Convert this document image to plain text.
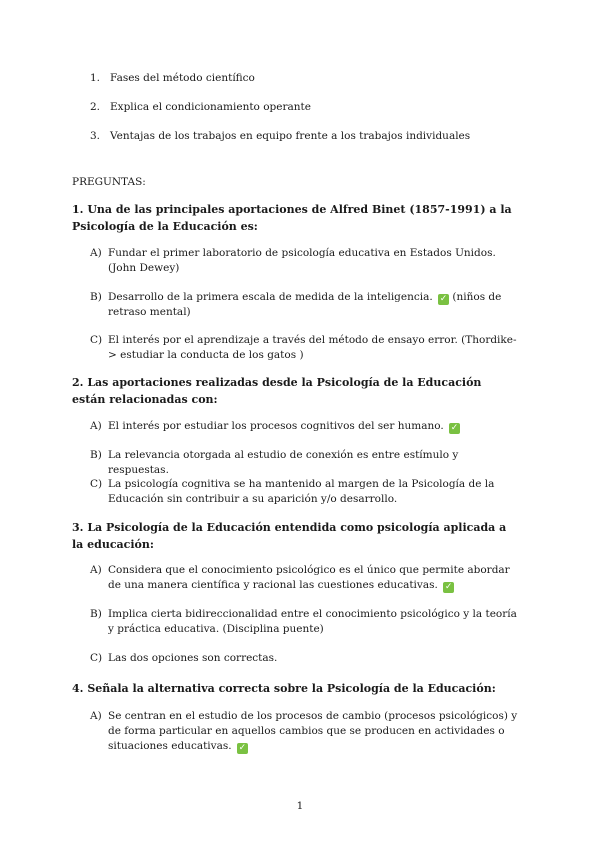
1. Fases del método científico
2. Explica el condicionamiento operante
3. Ventajas de los trabajos en equipo frente a los trabajos individuales
PREGUNTAS:
1. Una de las principales aportaciones de Alfred Binet (1857-1991) a la Psicología de la Educación es:
A) Fundar el primer laboratorio de psicología educativa en Estados Unidos.(John Dewey)
B) Desarrollo de la primera escala de medida de la inteligencia. ✓ (niños de retraso mental)
C) El interés por el aprendizaje a través del método de ensayo error. (Thordike-> estudiar la conducta de los gatos )
2. Las aportaciones realizadas desde la Psicología de la Educación están relacionadas con:
A) El interés por estudiar los procesos cognitivos del ser humano. ✓
B) La relevancia otorgada al estudio de conexión es entre estímulo y respuestas.
C) La psicología cognitiva se ha mantenido al margen de la Psicología de la Educación sin contribuir a su aparición y/o desarrollo.
3. La Psicología de la Educación entendida como psicología aplicada a la educación:
A) Considera que el conocimiento psicológico es el único que permite abordar de una manera científica y racional las cuestiones educativas. ✓
B) Implica cierta bidireccionalidad entre el conocimiento psicológico y la teoría y práctica educativa. (Disciplina puente)
C) Las dos opciones son correctas.
4. Señala la alternativa correcta sobre la Psicología de la Educación:
A) Se centran en el estudio de los procesos de cambio (procesos psicológicos) y de forma particular en aquellos cambios que se producen en actividades o situaciones educativas. ✓
1
